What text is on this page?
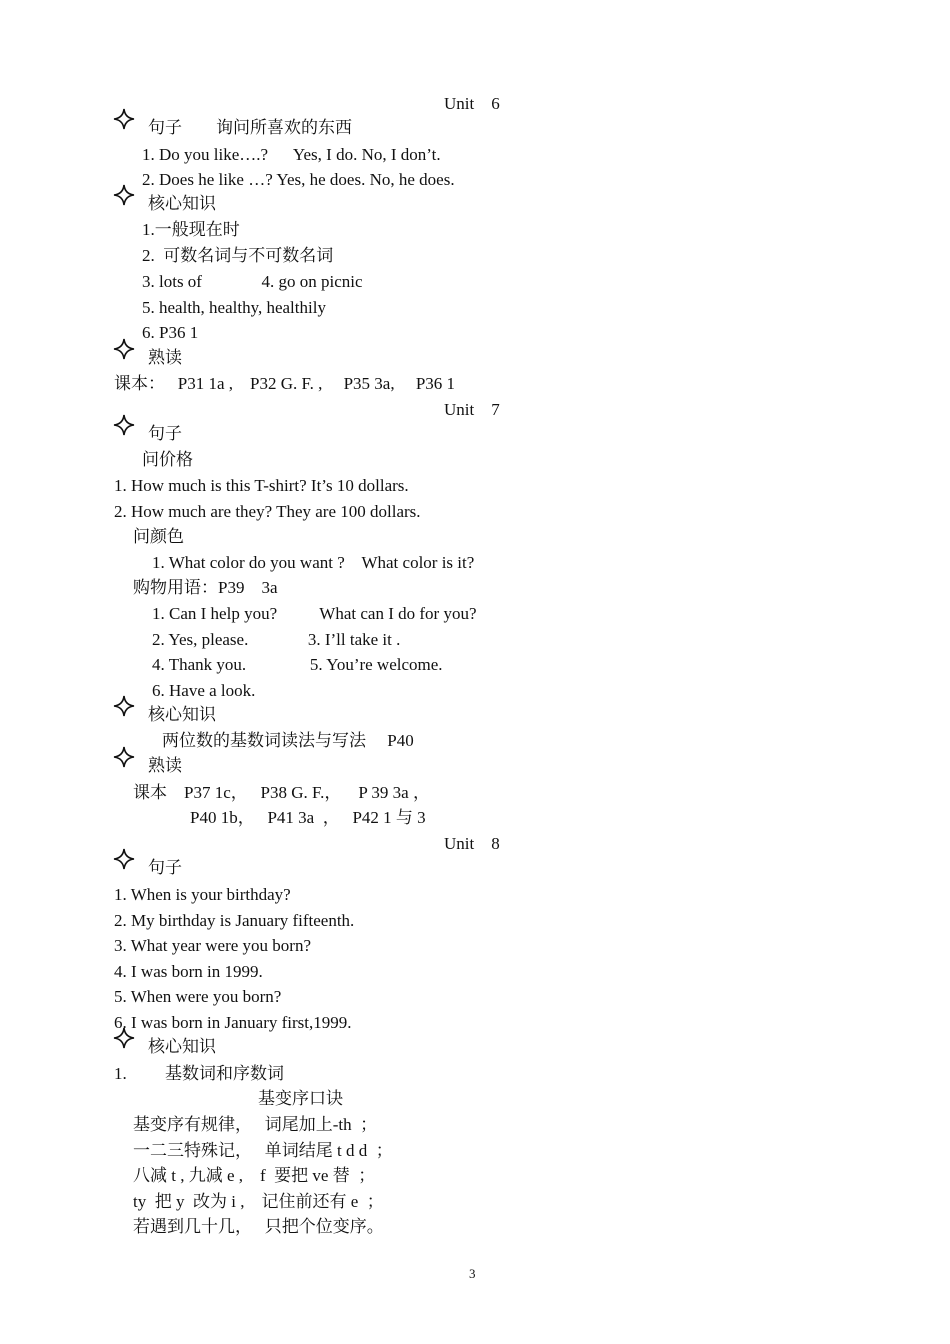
Unit    6
句子        询问所喜欢的东西
1. Do you like….?      Yes, I do. No, I don’t.
2. Does he like …? Yes, he does. No, he does.
核心知识
1.一般现在时
2.  可数名词与不可数名词
3. lots of              4. go on picnic
5. health, healthy, healthily
6. P36 1
熟读
课本：   P31 1a ,    P32 G. F. ,     P35 3a,     P36 1
Unit    7
句子
问价格
1. How much is this T-shirt? It’s 10 dollars.
2. How much are they? They are 100 dollars.
问颜色
1. What color do you want ?    What color is it?
购物用语：P39    3a
1. Can I help you?          What can I do for you?
2. Yes, please.              3. I’ll take it .
4. Thank you.               5. You’re welcome.
6. Have a look.
核心知识
两位数的基数词读法与写法     P40
熟读
课本    P37 1c，   P38 G. F.，    P 39 3a ，
P40 1b，   P41 3a  ，   P42 1 与 3
Unit    8
句子
1. When is your birthday?
2. My birthday is January fifteenth.
3. What year were you born?
4. I was born in 1999.
5. When were you born?
6. I was born in January first,1999.
核心知识
1.         基数词和序数词
基变序口诀
基变序有规律，   词尾加上-th  ；
一二三特殊记，   单词结尾 t d d  ；
八减 t , 九减 e ,    f  要把 ve 替  ；
ty  把 y  改为 i ,    记住前还有 e  ；
若遇到几十几，   只把个位变序。
3
